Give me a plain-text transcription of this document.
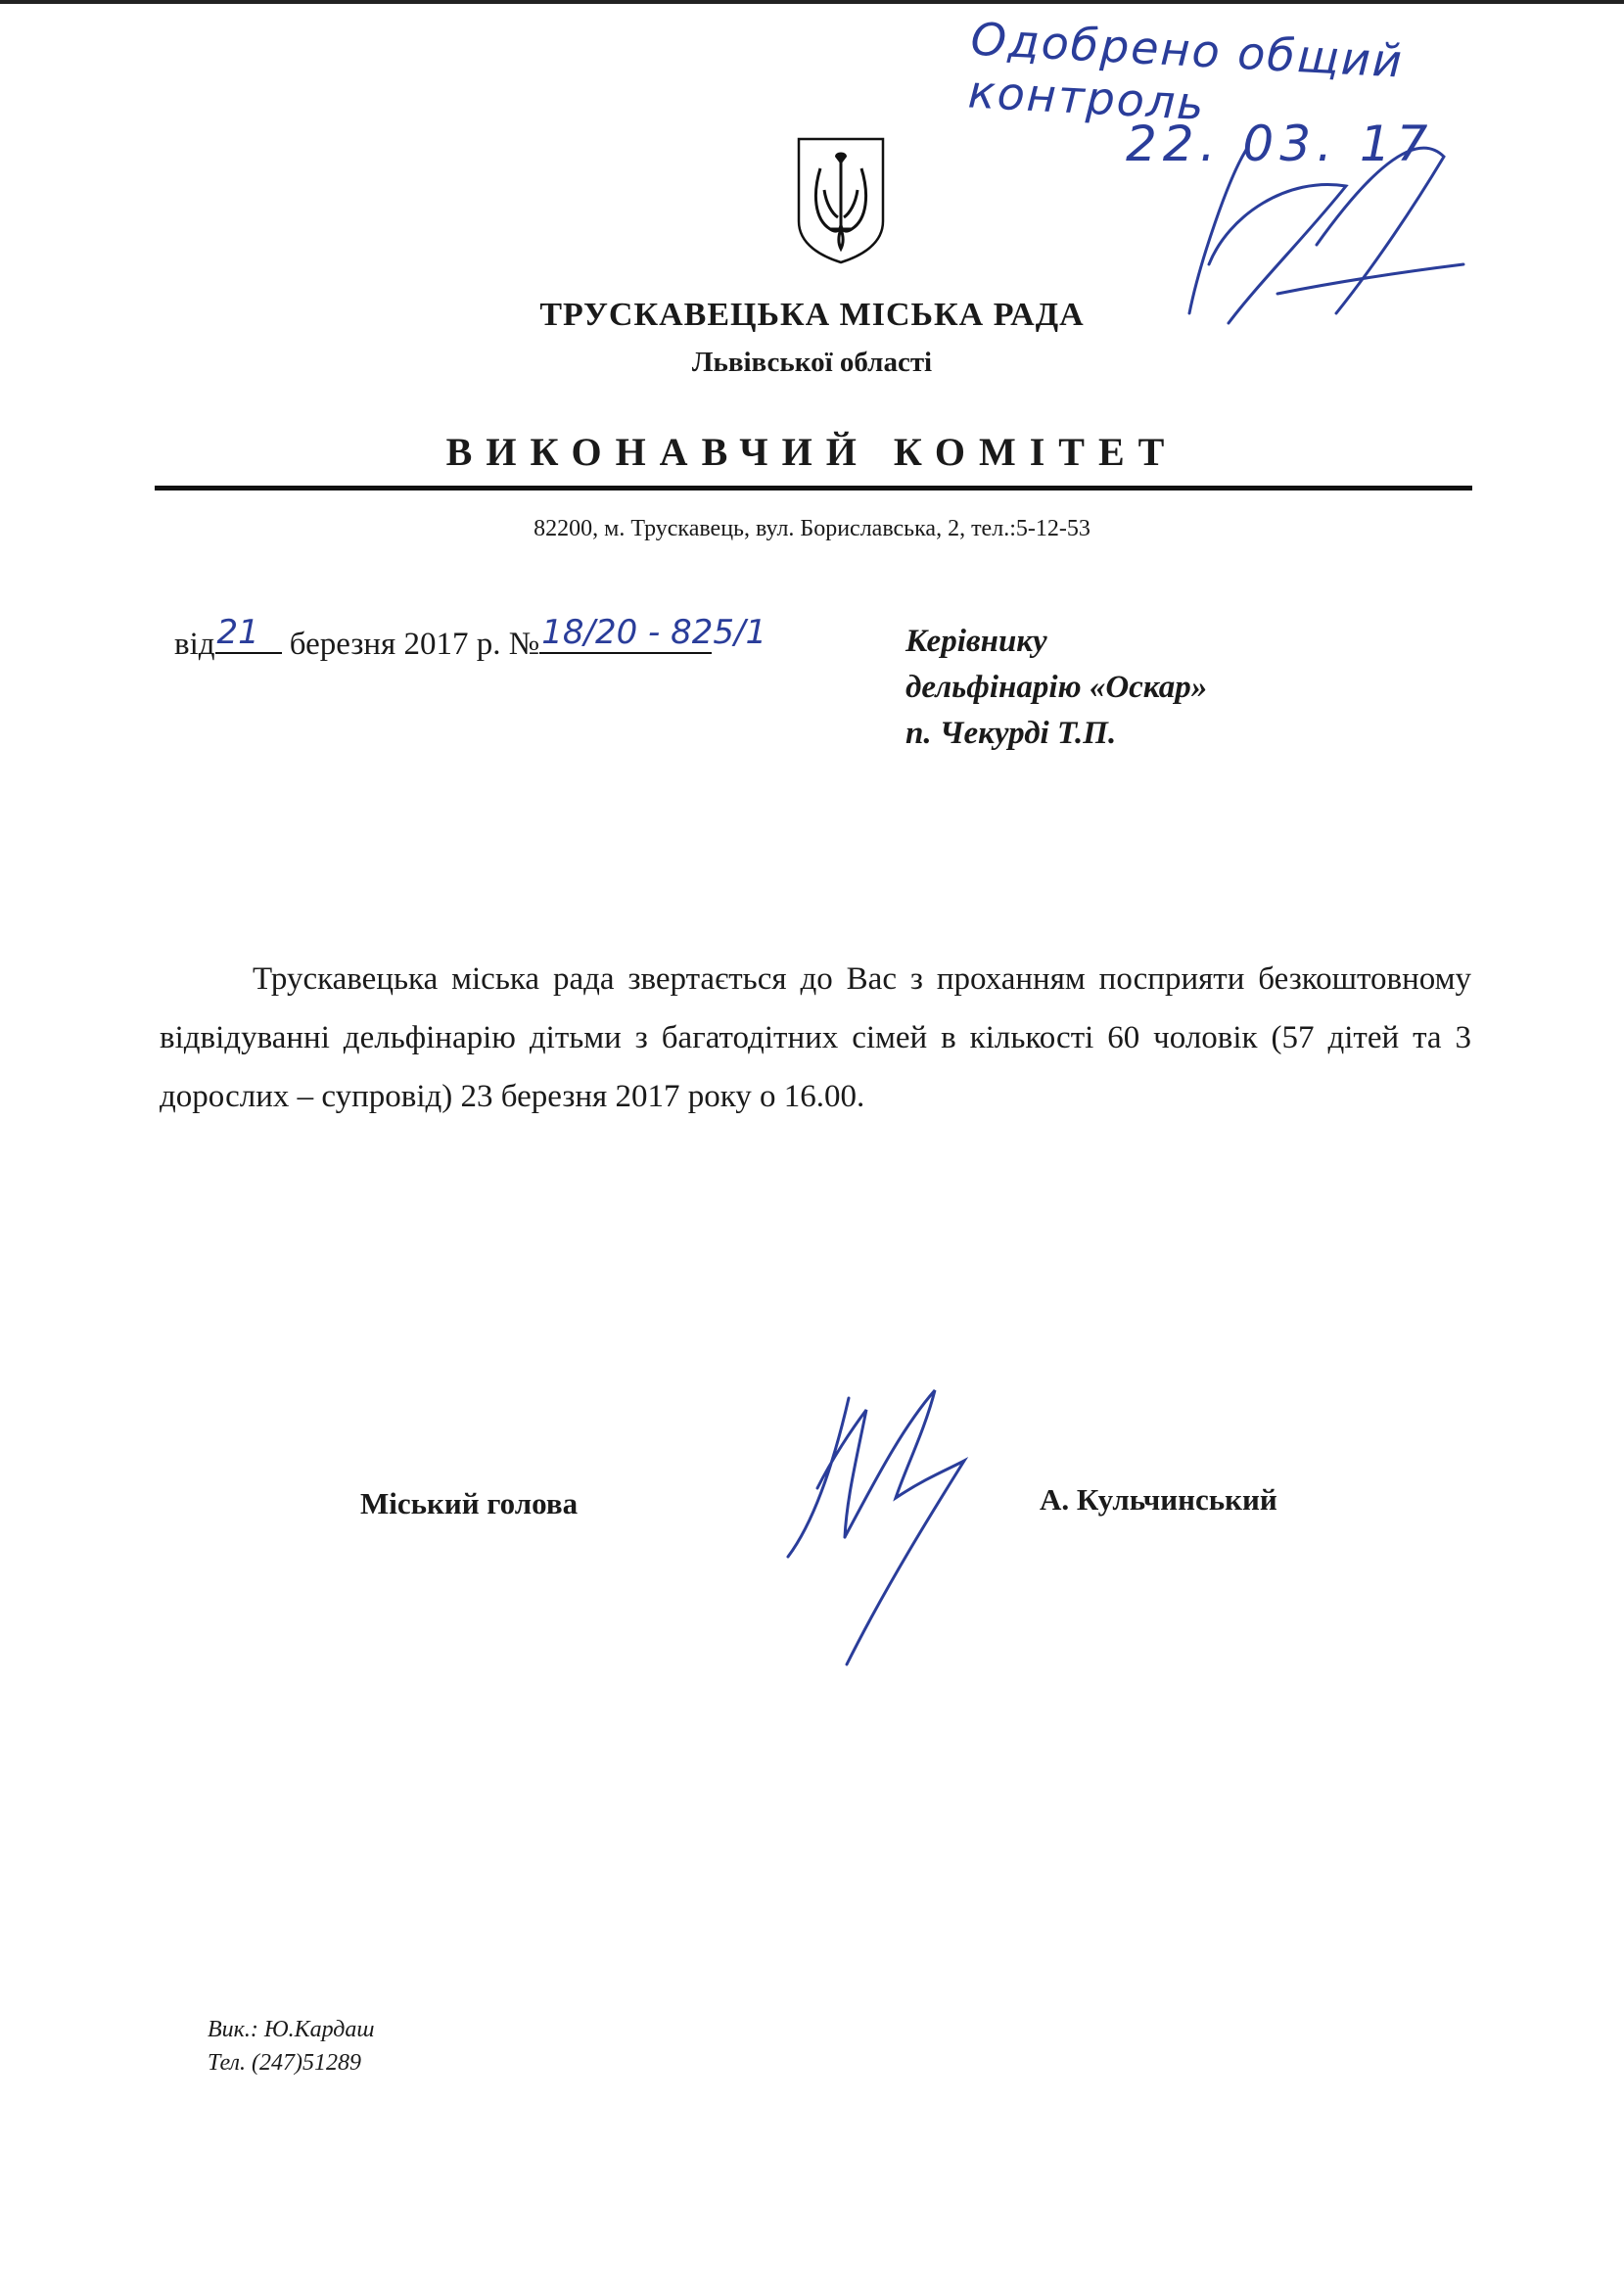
Одобрено общий контроль
22. 03. 17
ТРУСКАВЕЦЬКА МІСЬКА РАДА
Львівської області
ВИКОНАВЧИЙ КОМІТЕТ
82200, м. Трускавець, вул. Бориславська, 2, тел.:5-12-53
від 21 березня 2017 р. № 18/20 - 825/1	Керівнику
дельфінарію «Оскар»
п. Чекурді Т.П.
Трускавецька міська рада звертається до Вас з проханням посприяти безкоштовному відвідуванні дельфінарію дітьми з багатодітних сімей в кількості 60 чоловік (57 дітей та 3 дорослих – супровід) 23 березня 2017 року о 16.00.
Міський голова	А. Кульчинський
Вик.: Ю.Кардаш
Тел. (247)51289
